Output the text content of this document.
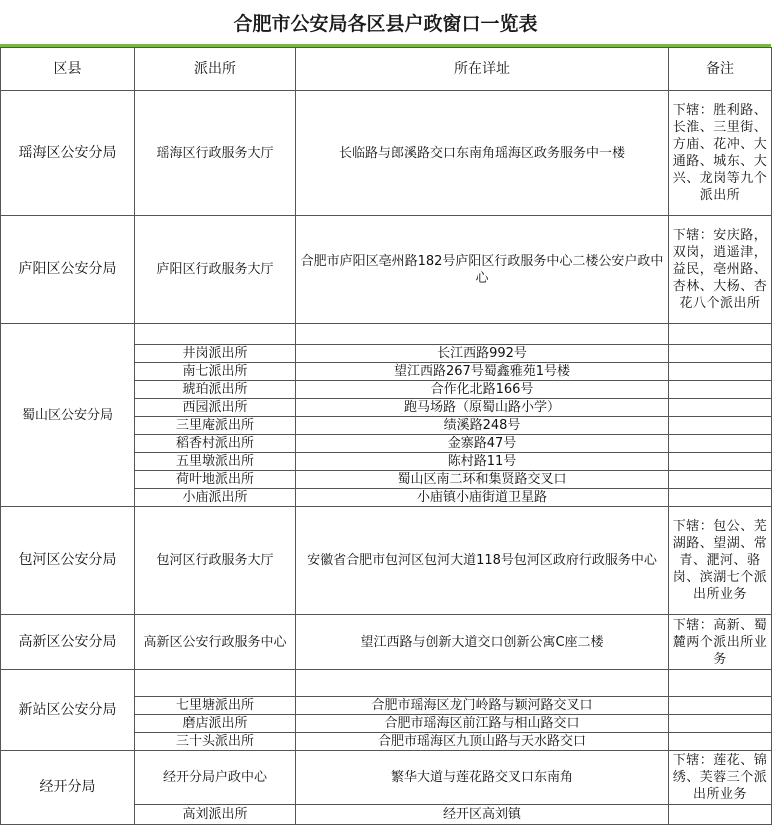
合肥市公安局各区县户政窗口一览表
区县	派出所	所在详址	备注
瑶海区公安分局	瑶海区行政服务大厅	长临路与郎溪路交口东南角瑶海区政务服务中一楼	下辖：胜利路、长淮、三里街、方庙、花冲、大通路、城东、大兴、龙岗等九个派出所
庐阳区公安分局	庐阳区行政服务大厅	合肥市庐阳区亳州路182号庐阳区行政服务中心二楼公安户政中心	下辖：安庆路，双岗，逍遥津，益民，亳州路、杏林、大杨、杏花八个派出所
蜀山区公安分局			
	井岗派出所	长江西路992号	
	南七派出所	望江西路267号蜀鑫雅苑1号楼	
	琥珀派出所	合作化北路166号	
	西园派出所	跑马场路（原蜀山路小学）	
	三里庵派出所	绩溪路248号	
	稻香村派出所	金寨路47号	
	五里墩派出所	陈村路11号	
	荷叶地派出所	蜀山区南二环和集贤路交叉口	
	小庙派出所	小庙镇小庙街道卫星路	
包河区公安分局	包河区行政服务大厅	安徽省合肥市包河区包河大道118号包河区政府行政服务中心	下辖：包公、芜湖路、望湖、常青、淝河、骆岗、滨湖七个派出所业务
高新区公安分局	高新区公安行政服务中心	望江西路与创新大道交口创新公寓C座二楼	下辖：高新、蜀麓两个派出所业务
新站区公安分局			
	七里塘派出所	合肥市瑶海区龙门岭路与颖河路交叉口	
	磨店派出所	合肥市瑶海区前江路与相山路交口	
	三十头派出所	合肥市瑶海区九顶山路与天水路交口	
经开分局	经开分局户政中心	繁华大道与莲花路交叉口东南角	下辖：莲花、锦绣、芙蓉三个派出所业务
	高刘派出所	经开区高刘镇	
